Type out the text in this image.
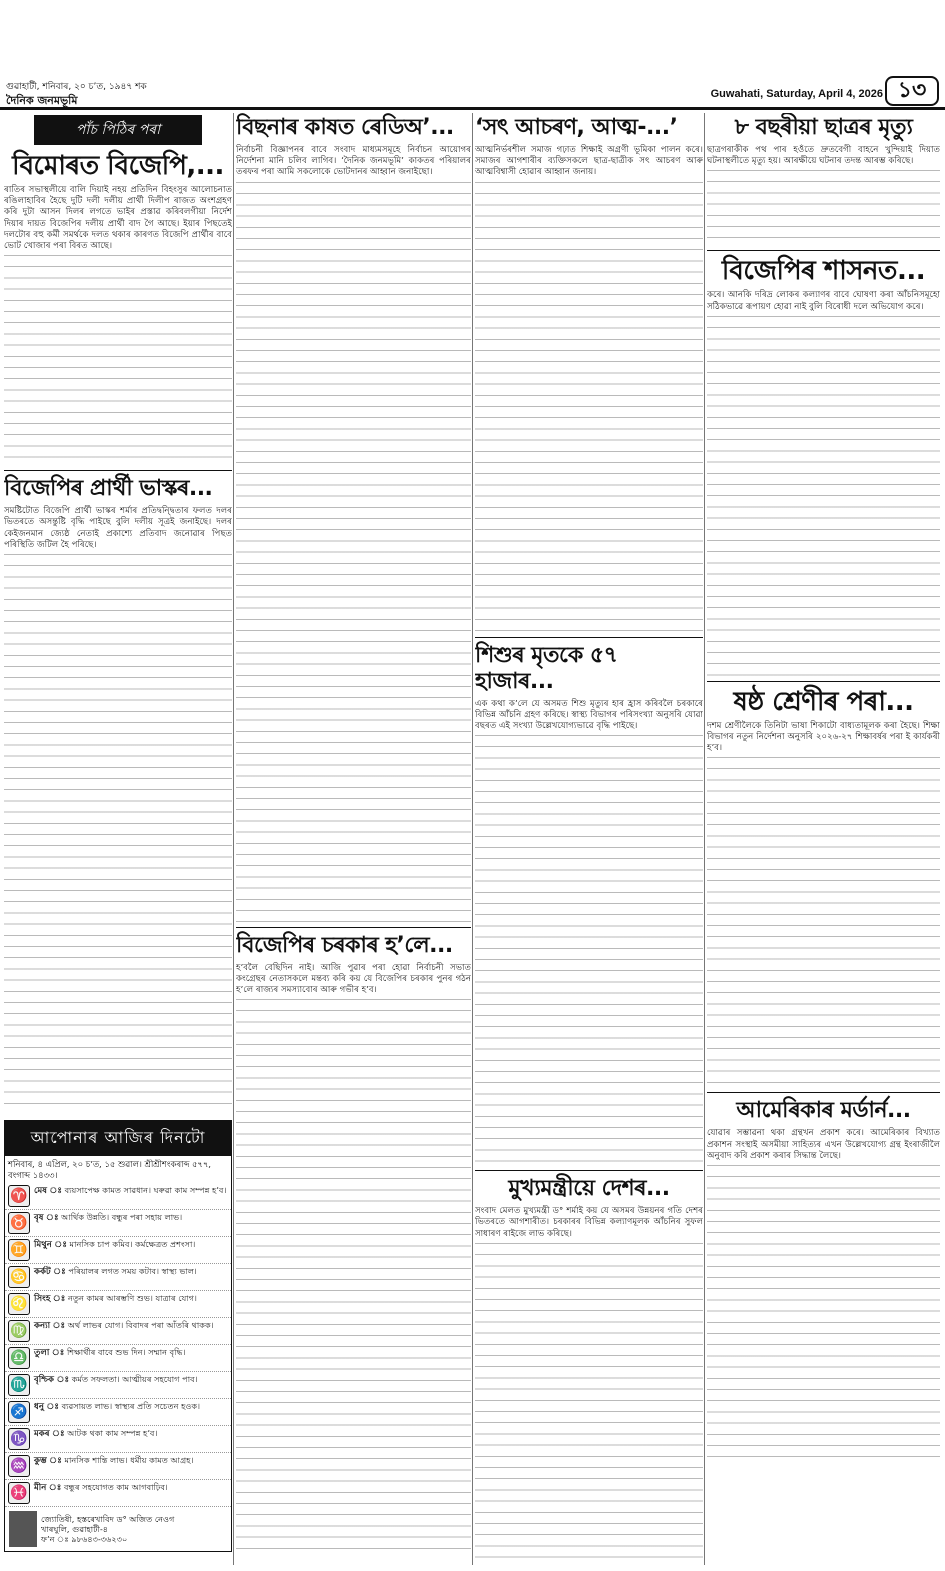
গুৱাহাটী, শনিবাৰ, ২০ চ’ত, ১৯৪৭ শক
দৈনিক জনমভূমি	Guwahati, Saturday, April 4, 2026 ১৩
পাঁচ পিঠিৰ পৰা
বিমোৰত বিজেপি,...

ৰাতিৰ সভাস্থলীয়ে বালি দিয়াই নহয় প্ৰতিদিন বিহংসুৰ আলোচনাত ৰঙিলাহাবিৰ হৈছে দুটি দলী দলীয় প্ৰাৰ্থী দিলীপ ৰাজত অংশগ্ৰহণ কৰি দুটা আসন দিলৰ লগতে ভাইৰ প্ৰস্তাৱ কৰিবলগীয়া নিৰ্দেশ দিয়াৰ দায়ত বিজেপিৰ দলীয় প্ৰাৰ্থী বাদ গৈ আছে। ইয়াৰ পিছতেই দলটোৰ বহু কৰ্মী সমৰ্থকে দলত থকাৰ কাৰণত বিজেপি প্ৰাৰ্থীৰ বাবে ভোট খোজাৰ পৰা বিৰত আছে।

বিজেপিৰ প্ৰাৰ্থী ভাস্কৰ...

সমষ্টিটোত বিজেপি প্ৰাৰ্থী ভাস্কৰ শৰ্মাৰ প্ৰতিদ্বন্দ্বিতাৰ ফলত দলৰ ভিতৰতে অসন্তুষ্টি বৃদ্ধি পাইছে বুলি দলীয় সূত্ৰই জনাইছে। দলৰ কেইজনমান জ্যেষ্ঠ নেতাই প্ৰকাশ্যে প্ৰতিবাদ জনোৱাৰ পিছত পৰিস্থিতি জটিল হৈ পৰিছে।

আপোনাৰ আজিৰ দিনটো
শনিবাৰ, ৪ এপ্ৰিল, ২০ চ’ত, ১৫ শুৱাল। শ্ৰীশ্ৰীশংকৰাব্দ ৫৭৭, বংগাব্দ ১৪৩৩।
♈ মেষ ঃ ব্যয়সাপেক্ষ কামত সাৱধান। ঘৰুৱা কাম সম্পন্ন হ’ব।
♉ বৃষ ঃ আৰ্থিক উন্নতি। বন্ধুৰ পৰা সহায় লাভ।
♊ মিথুন ঃ মানসিক চাপ কমিব। কৰ্মক্ষেত্ৰত প্ৰশংসা।
♋ কৰ্কট ঃ পৰিয়ালৰ লগত সময় কটাব। স্বাস্থ্য ভাল।
♌ সিংহ ঃ নতুন কামৰ আৰম্ভণি শুভ। যাত্ৰাৰ যোগ।
♍ কন্যা ঃ অৰ্থ লাভৰ যোগ। বিবাদৰ পৰা আঁতৰি থাকক।
♎ তুলা ঃ শিক্ষাৰ্থীৰ বাবে শুভ দিন। সম্মান বৃদ্ধি।
♏ বৃশ্চিক ঃ কৰ্মত সফলতা। আত্মীয়ৰ সহযোগ পাব।
♐ ধনু ঃ ব্যৱসায়ত লাভ। স্বাস্থ্যৰ প্ৰতি সচেতন হওক।
♑ মকৰ ঃ আটক থকা কাম সম্পন্ন হ’ব।
♒ কুম্ভ ঃ মানসিক শান্তি লাভ। ধৰ্মীয় কামত আগ্ৰহ।
♓ মীন ঃ বন্ধুৰ সহযোগত কাম আগবাঢ়িব।
জ্যোতিষী, হস্তৰেখাবিদ ড° অজিত নেওগ
খাৰঘুলি, গুৱাহাটী-৪
ফ’ন ঃ ৯৮৬৪৩-৩৬২৩০
বিছনাৰ কাষত ৰেডিঅ’...

নিৰ্বাচনী বিজ্ঞাপনৰ বাবে সংবাদ মাধ্যমসমূহে নিৰ্বাচন আয়োগৰ নিৰ্দেশনা মানি চলিব লাগিব। ‘দৈনিক জনমভূমি’ কাকতৰ পৰিয়ালৰ তৰফৰ পৰা আমি সকলোকে ভোটদানৰ আহ্বান জনাইছো।

বিজেপিৰ চৰকাৰ হ’লে...

হ’বলৈ বেছিদিন নাই। আজি পুৱাৰ পৰা হোৱা নিৰ্বাচনী সভাত কংগ্ৰেছৰ নেতাসকলে মন্তব্য কৰি কয় যে বিজেপিৰ চৰকাৰ পুনৰ গঠন হ’লে ৰাজ্যৰ সমস্যাবোৰ আৰু গভীৰ হ’ব।

‘সৎ আচৰণ, আত্ম-...’

আত্মনিৰ্ভৰশীল সমাজ গঢ়াত শিক্ষাই অগ্ৰণী ভূমিকা পালন কৰে। সমাজৰ আগশাৰীৰ ব্যক্তিসকলে ছাত্ৰ-ছাত্ৰীক সৎ আচৰণ আৰু আত্মবিশ্বাসী হোৱাৰ আহ্বান জনায়।

শিশুৰ মৃতকে ৫৭ হাজাৰ...

এক কথা ক’লে যে অসমত শিশু মৃত্যুৰ হাৰ হ্ৰাস কৰিবলৈ চৰকাৰে বিভিন্ন আঁচনি গ্ৰহণ কৰিছে। স্বাস্থ্য বিভাগৰ পৰিসংখ্যা অনুসৰি যোৱা বছৰত এই সংখ্যা উল্লেখযোগ্যভাৱে বৃদ্ধি পাইছে।

মুখ্যমন্ত্ৰীয়ে দেশৰ...

সংবাদ মেলত মুখ্যমন্ত্ৰী ড° শৰ্মাই কয় যে অসমৰ উন্নয়নৰ গতি দেশৰ ভিতৰতে আগশাৰীত। চৰকাৰৰ বিভিন্ন কল্যাণমূলক আঁচনিৰ সুফল সাধাৰণ ৰাইজে লাভ কৰিছে।

৮ বছৰীয়া ছাত্ৰৰ মৃত্যু

ছাত্ৰগৰাকীক পথ পাৰ হওঁতে দ্ৰুতবেগী বাহনে খুন্দিয়াই দিয়াত ঘটনাস্থলীতে মৃত্যু হয়। আৰক্ষীয়ে ঘটনাৰ তদন্ত আৰম্ভ কৰিছে।

বিজেপিৰ শাসনত...

কৰে। আনকি দৰিদ্ৰ লোকৰ কল্যাণৰ বাবে ঘোষণা কৰা আঁচনিসমূহো সঠিকভাৱে ৰূপায়ণ হোৱা নাই বুলি বিৰোধী দলে অভিযোগ কৰে।

ষষ্ঠ শ্ৰেণীৰ পৰা...

দশম শ্ৰেণীলৈকে তিনিটা ভাষা শিকাটো বাধ্যতামূলক কৰা হৈছে। শিক্ষা বিভাগৰ নতুন নিৰ্দেশনা অনুসৰি ২০২৬-২৭ শিক্ষাবৰ্ষৰ পৰা ই কাৰ্যকৰী হ’ব।

আমেৰিকাৰ মৰ্ডাৰ্ন...

যোৱাৰ সম্ভাৱনা থকা গ্ৰন্থখন প্ৰকাশ কৰে। আমেৰিকাৰ বিখ্যাত প্ৰকাশন সংস্থাই অসমীয়া সাহিত্যৰ এখন উল্লেখযোগ্য গ্ৰন্থ ইংৰাজীলৈ অনুবাদ কৰি প্ৰকাশ কৰাৰ সিদ্ধান্ত লৈছে।
